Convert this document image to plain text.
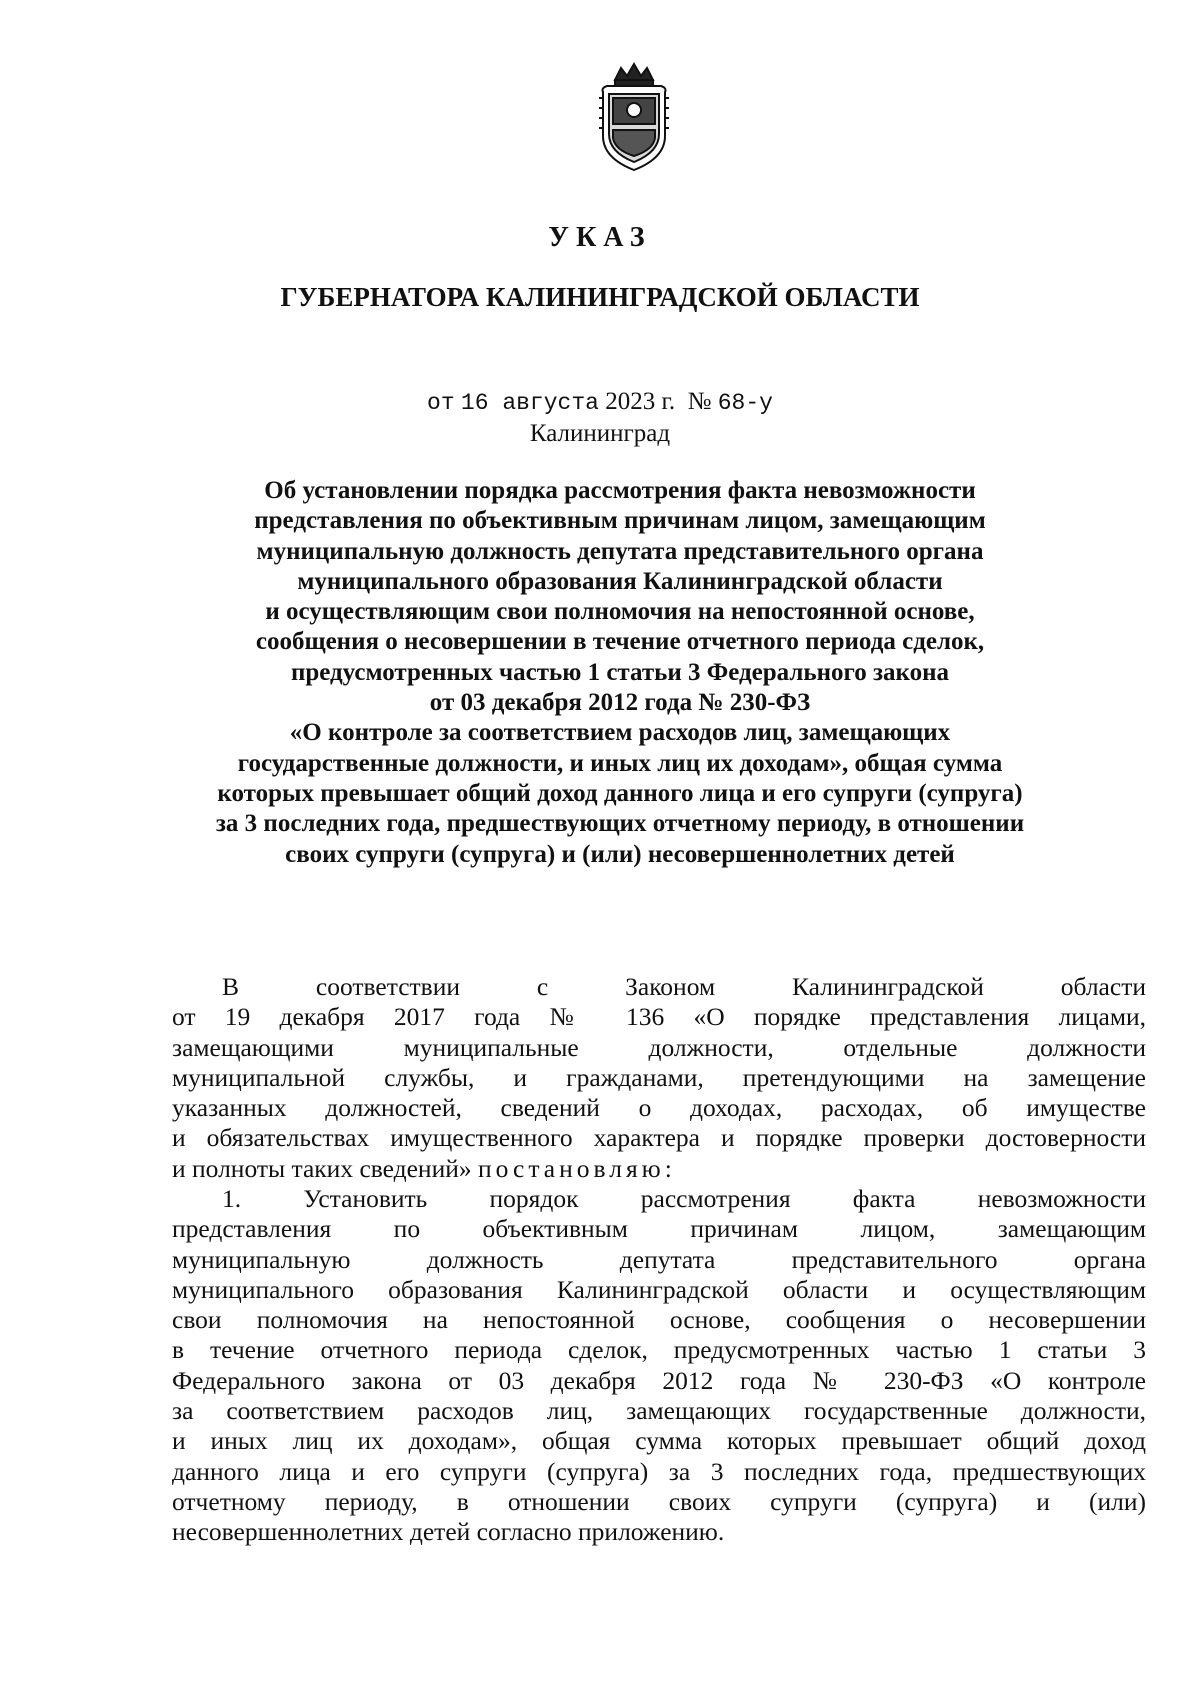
УКАЗ
ГУБЕРНАТОРА КАЛИНИНГРАДСКОЙ ОБЛАСТИ
от 16 августа 2023 г. № 68-у
Калининград
Об установлении порядка рассмотрения факта невозможности
представления по объективным причинам лицом, замещающим
муниципальную должность депутата представительного органа
муниципального образования Калининградской области
и осуществляющим свои полномочия на непостоянной основе,
сообщения о несовершении в течение отчетного периода сделок,
предусмотренных частью 1 статьи 3 Федерального закона
от 03 декабря 2012 года № 230-ФЗ
«О контроле за соответствием расходов лиц, замещающих
государственные должности, и иных лиц их доходам», общая сумма
которых превышает общий доход данного лица и его супруги (супруга)
за 3 последних года, предшествующих отчетному периоду, в отношении
своих супруги (супруга) и (или) несовершеннолетних детей
В соответствии с Законом Калининградской области
от 19 декабря 2017 года № 136 «О порядке представления лицами,
замещающими муниципальные должности, отдельные должности
муниципальной службы, и гражданами, претендующими на замещение
указанных должностей, сведений о доходах, расходах, об имуществе
и обязательствах имущественного характера и порядке проверки достоверности
и полноты таких сведений» постановляю:
1. Установить порядок рассмотрения факта невозможности
представления по объективным причинам лицом, замещающим
муниципальную должность депутата представительного органа
муниципального образования Калининградской области и осуществляющим
свои полномочия на непостоянной основе, сообщения о несовершении
в течение отчетного периода сделок, предусмотренных частью 1 статьи 3
Федерального закона от 03 декабря 2012 года № 230-ФЗ «О контроле
за соответствием расходов лиц, замещающих государственные должности,
и иных лиц их доходам», общая сумма которых превышает общий доход
данного лица и его супруги (супруга) за 3 последних года, предшествующих
отчетному периоду, в отношении своих супруги (супруга) и (или)
несовершеннолетних детей согласно приложению.
